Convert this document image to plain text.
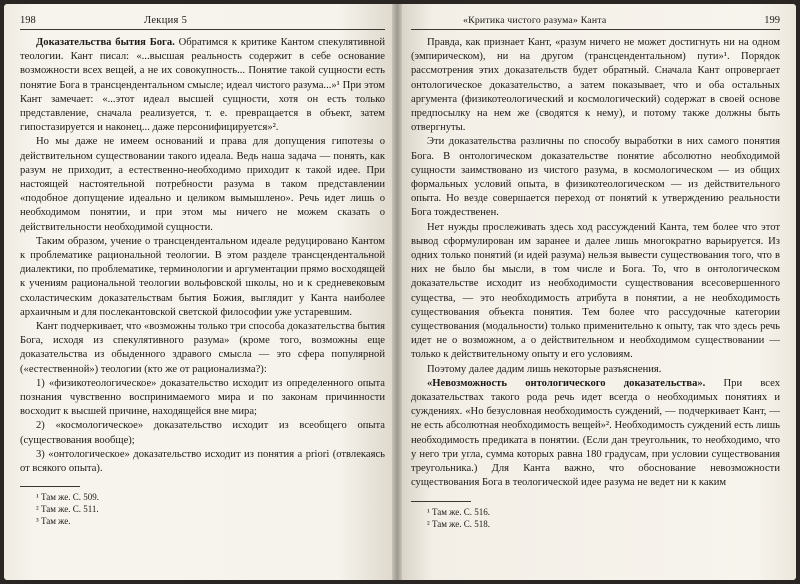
198	Лекция 5

Доказательства бытия Бога. Обратимся к критике Кантом спекулятивной теологии. Кант писал: «...высшая реальность содержит в себе основание возможности всех вещей, а не их совокупность... Понятие такой сущности есть понятие Бога в трансцендентальном смысле; идеал чистого разума...»¹ При этом Кант замечает: «...этот идеал высшей сущности, хотя он есть только представление, сначала реализуется, т. е. превращается в объект, затем гипостазируется и наконец... даже персонифицируется»².

Но мы даже не имеем оснований и права для допущения гипотезы о действительном существовании такого идеала. Ведь наша задача — понять, как разум не приходит, а естественно-необходимо приходит к такой идее. При настоящей настоятельной потребности разума в таком представлении «подобное допущение идеально и целиком вымышлено». Речь идет лишь о необходимом понятии, и при этом мы ничего не можем сказать о действительности необходимой сущности.

Таким образом, учение о трансцендентальном идеале редуцировано Кантом к проблематике рациональной теологии. В этом разделе трансцендентальной диалектики, по проблематике, терминологии и аргументации прямо восходящей к учениям рациональной теологии вольфовской школы, но и к средневековым схоластическим доказательствам бытия Божия, выглядит у Канта наиболее архаичным и для послекантовской светской философии уже устаревшим.

Кант подчеркивает, что «возможны только три способа доказательства бытия Бога, исходя из спекулятивного разума» (кроме того, возможны еще доказательства из обыденного здравого смысла — это сфера популярной («естественной») теологии (кто же от рационализма?):

1) «физикотеологическое» доказательство исходит из определенного опыта познания чувственно воспринимаемого мира и по законам причинности восходит к высшей причине, находящейся вне мира;

2) «космологическое» доказательство исходит из всеобщего опыта (существования вообще);

3) «онтологическое» доказательство исходит из понятия a priori (отвлекаясь от всякого опыта).

¹ Там же. С. 509.
² Там же. С. 511.
³ Там же.
«Критика чистого разума» Канта	199

Правда, как признает Кант, «разум ничего не может достигнуть ни на одном (эмпирическом), ни на другом (трансцендентальном) пути»¹. Порядок рассмотрения этих доказательств будет обратный. Сначала Кант опровергает онтологическое доказательство, а затем показывает, что и оба остальных аргумента (физикотеологический и космологический) содержат в своей основе предпосылку на нем же (сводятся к нему), и потому также должны быть отвергнуты.

Эти доказательства различны по способу выработки в них самого понятия Бога. В онтологическом доказательстве понятие абсолютно необходимой сущности заимствовано из чистого разума, в космологическом — из общих формальных условий опыта, в физикотеологическом — из действительного опыта. Но везде совершается переход от понятий к утверждению реальности Бога тождественен.

Нет нужды прослеживать здесь ход рассуждений Канта, тем более что этот вывод сформулирован им заранее и далее лишь многократно варьируется. Из одних только понятий (и идей разума) нельзя вывести существования того, что в них не было бы мысли, в том числе и Бога. То, что в онтологическом доказательстве исходит из необходимости существования всесовершенного существа, — это необходимость атрибута в понятии, а не необходимость существования объекта понятия. Тем более что рассудочные категории существования (модальности) только применительно к опыту, так что здесь речь идет не о возможном, а о действительном и необходимом существовании — только к действительному опыту и его условиям.

Поэтому далее дадим лишь некоторые разъяснения.

«Невозможность онтологического доказательства». При всех доказательствах такого рода речь идет всегда о необходимых понятиях и суждениях. «Но безусловная необходимость суждений, — подчеркивает Кант, — не есть абсолютная необходимость вещей»². Необходимость суждений есть лишь необходимость предиката в понятии. (Если дан треугольник, то необходимо, что у него три угла, сумма которых равна 180 градусам, при условии существования треугольника.) Для Канта важно, что обоснование невозможности существования Бога в теологической идее разума не ведет ни к каким

¹ Там же. С. 516.
² Там же. С. 518.
